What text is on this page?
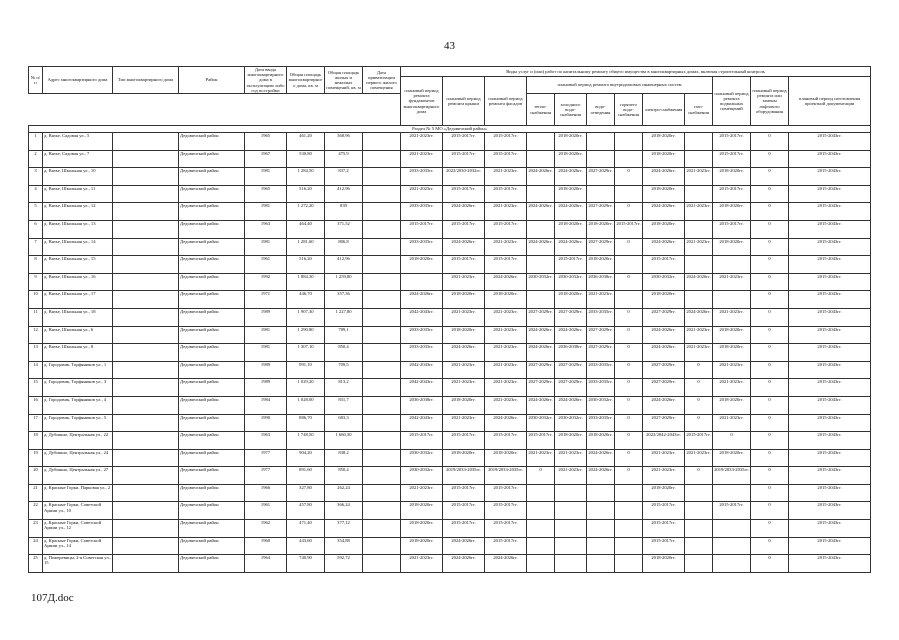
43
№ п/п	Адрес многоквартирного дома	Тип многоквартирного дома	Район	Дата ввода многоквартирного дома в эксплуатацию либо год постройки	Общая площадь многоквартирного дома, кв. м	Общая площадь жилых и нежилых помещений, кв. м	Дата приватизации первого жилого помещения	Виды услуг и (или) работ по капитальному ремонту общего имущества в многоквартирных домах, включая строительный контроль											
								плановый период ремонта фундаментов многоквартирного дома	плановый период ремонта крыши	плановый период ремонта фасадов	плановый период ремонта внутридомовых инженерных систем						плановый период ремонта подвальных помещений	плановый период ремонта или замены лифтового оборудования	плановый период изготовления проектной документации
											тепло-снабжения	холодного водо-снабжения	водо-отведения	горячего водо-снабжения	электро-снабжения	газо-снабжения			
Раздел № 5 МО «Дедовичский район»																			
1	д. Вязье, Садовая ул., 5		Дедовичский район	1965	461,20	368,96		2021-2023гг.	2015-2017гг.	2015-2017гг.		2018-2020гг.			2018-2020гг.		2015-2017гг.	0	2015-2043гг.
2	д. Вязье, Садовая ул., 7		Дедовичский район	1967	530,80	475,9		2021-2023гг.	2015-2017гг.	2015-2017гг.		2018-2020гг.			2018-2020гг.		2015-2017гг.	0	2015-2043гг.
3	д. Вязье, Школьная ул., 10		Дедовичский район	1981	1 284,50	837,2		2033-2035гг.	2022/2030-2032гг.	2021-2023гг.	2024-2026гг.	2024-2026гг.	2027-2029гг.	0	2024-2026гг.	2021-2023гг.	2018-2020гг.	0	2015-2043гг.
4	д. Вязье, Школьная ул., 11		Дедовичский район	1965	516,20	412,96		2021-2023гг.	2015-2017гг.	2015-2017гг.		2018-2020гг.			2018-2020гг.		2015-2017гг.	0	2015-2043гг.
5	д. Вязье, Школьная ул., 12		Дедовичский район	1981	1 272,20	839		2033-2035гг.	2024-2026гг.	2021-2023гг.	2024-2026гг.	2024-2026гг.	2027-2029гг.	0	2024-2026гг.	2021-2023гг.	2018-2020гг.	0	2015-2043гг.
6	д. Вязье, Школьная ул., 13		Дедовичский район	1963	464,40	371,52		2015-2017гг.	2015-2017гг.	2015-2017гг.		2018-2020гг.	2018-2020гг.	2015-2017гг.	2018-2020гг.		2015-2017гг.	0	2015-2043гг.
7	д. Вязье, Школьная ул., 14		Дедовичский район	1981	1 281,60	806,8		2033-2035гг.	2024-2026гг.	2021-2023гг.	2024-2026гг.	2024-2026гг.	2027-2029гг.	0	2024-2026гг.	2021-2023гг.	2018-2020гг.	0	2015-2043гг.
8	д. Вязье, Школьная ул., 15		Дедовичский район	1961	516,20	412,96		2018-2020гг.	2015-2017гг.	2015-2017гг.		2015-2017гг.	2018-2020гг.		2015-2017гг.			0	2015-2043гг.
9	д. Вязье, Школьная ул., 16		Дедовичский район	1992	1 884,30	1 259,80			2021-2023гг.	2024-2026гг.	2030-2032гг.	2030-2032гг.	2036-2038гг.	0	2030-2032гг.	2024-2026гг.	2021-2023гг.	0	2015-2043гг.
10	д. Вязье, Школьная ул., 17		Дедовичский район	1971	446,70	357,36		2024-2026гг.	2018-2020гг.	2018-2020гг.		2018-2020гг.	2021-2023гг.		2018-2020гг.			0	2015-2043гг.
11	д. Вязье, Школьная ул., 18		Дедовичский район	1989	1 907,30	1 227,80		2042-2043гг.	2021-2023гг.	2021-2023гг.	2027-2029гг.	2027-2029гг.	2033-2035гг.	0	2027-2029гг.	2024-2026гг.	2021-2023гг.	0	2015-2043гг.
12	д. Вязье, Школьная ул., 6		Дедовичский район	1981	1 290,80	789,1		2033-2035гг.	2018-2020гг.	2021-2023гг.	2024-2026гг.	2024-2026гг.	2027-2029гг.	0	2024-2026гг.	2021-2023гг.	2018-2020гг.	0	2015-2043гг.
13	д. Вязье, Школьная ул., 8		Дедовичский район	1981	1 307,10	850,4		2033-2035гг.	2024-2026гг.	2021-2023гг.	2024-2026гг.	2036-2038гг.	2027-2029гг.	0	2024-2026гг.	2021-2023гг.	2018-2020гг.	0	2015-2043гг.
14	д. Городовик, Торфяников ул., 1		Дедовичский район	1989	991,10	709,5		2042-2043гг.	2021-2023гг.	2021-2023гг.	2027-2029гг.	2027-2029гг.	2033-2035гг.	0	2027-2029гг.	0	2021-2023гг.	0	2015-2043гг.
15	д. Городовик, Торфяников ул., 3		Дедовичский район	1989	1 029,20	813,2		2042-2043гг.	2021-2023гг.	2021-2023гг.	2027-2029гг.	2027-2029гг.	2033-2035гг.	0	2027-2029гг.	0	2021-2023гг.	0	2015-2043гг.
16	д. Городовик, Торфяников ул., 4		Дедовичский район	1984	1 028,00	831,7		2036-2038гг.	2018-2020гг.	2021-2023гг.	2024-2026гг.	2024-2026гг.	2030-2032гг.	0	2024-2026гг.	0	2018-2020гг.	0	2015-2043гг.
17	д. Городовик, Торфяников ул., 5		Дедовичский район	1990	886,70	683,3		2042-2043гг.	2021-2023гг.	2024-2026гг.	2030-2032гг.	2030-2032гг.	2033-2035гг.	0	2027-2029гг.	0	2021-2023гг.	0	2015-2043гг.
18	д. Дубишно, Центральная ул., 22		Дедовичский район	1963	1 748,50	1 660,30		2015-2017гг.	2015-2017гг.	2015-2017гг.	2015-2017гг.	2018-2020гг.	2018-2020гг.	0	2022/2042-2043гг.	2015-2017гг.	0	0	2015-2043гг.
19	д. Дубишно, Центральная ул., 24		Дедовичский район	1977	904,20	838,2		2030-2032гг.	2018-2020гг.	2018-2020гг.	2021-2023гг.	2021-2023гг.	2024-2026гг.	0	2021-2023гг.	2021-2023гг.	2018-2020гг.	0	2015-2043гг.
20	д. Дубишно, Центральная ул., 27		Дедовичский район	1977	891,60	850,4		2030-2032гг.	2019/2033-2035гг.	2019/2033-2035гг.	0	2021-2023гг.	2024-2026гг.	0	2021-2023гг.	0	2019/2033-2035гг.	0	2015-2043гг.
21	д. Красные Горки, Парковая ул., 2		Дедовичский район	1966	327,80	262,24		2021-2023гг.	2015-2017гг.	2015-2017гг.					2018-2020гг.			0	2015-2043гг.
22	д. Красные Горки, Советской Армии ул., 10		Дедовичский район	1961	457,80	366,24		2018-2020гг.	2015-2017гг.	2015-2017гг.					2015-2017гг.		2015-2017гг.	0	2015-2043гг.
23	д. Красные Горки, Советской Армии ул., 12		Дедовичский район	1962	471,40	377,12		2018-2020гг.	2015-2017гг.	2015-2017гг.					2015-2017гг.			0	2015-2043гг.
24	д. Красные Горки, Советской Армии ул., 14		Дедовичский район	1960	443,60	354,88		2018-2020гг.	2024-2026гг.	2015-2017гг.					2015-2017гг.			0	2015-2043гг.
25	д. Пожеревицы, 2-я Советская ул., 15		Дедовичский район	1964	740,90	592,72		2021-2023гг.	2024-2026гг.	2024-2026гг.					2018-2020гг.			0	2015-2043гг.
107Д.doc
